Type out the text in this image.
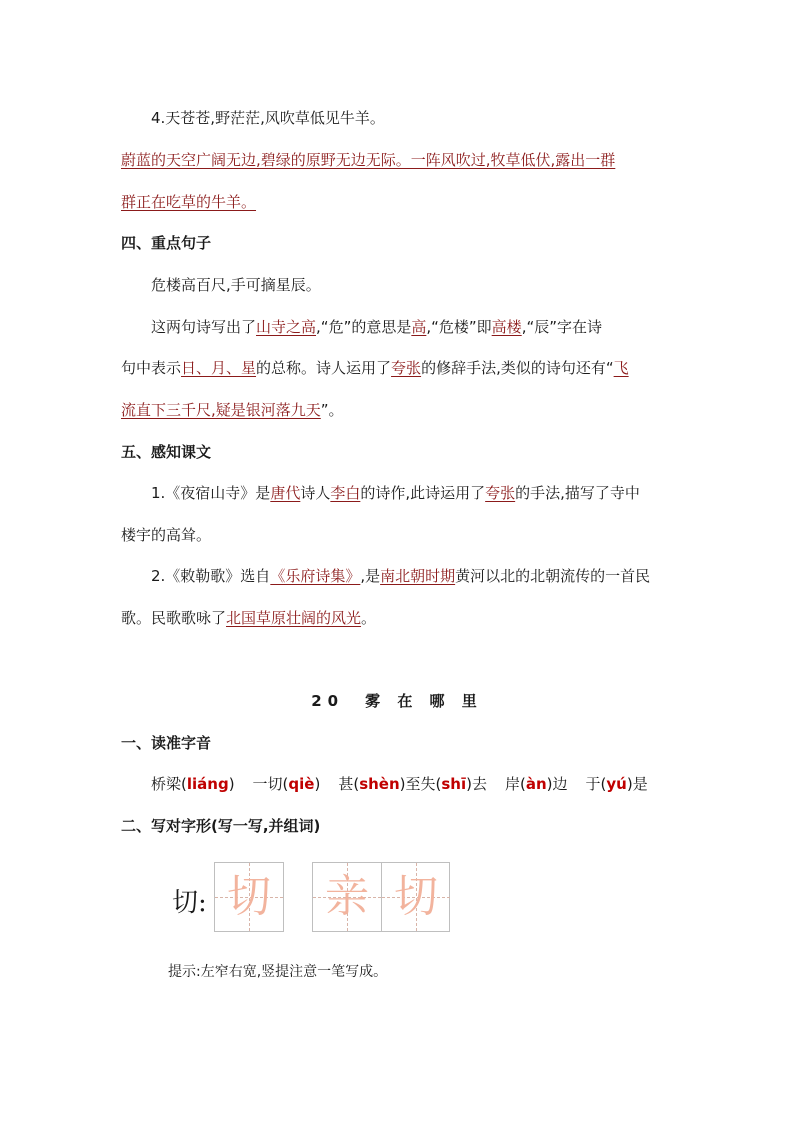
4.天苍苍,野茫茫,风吹草低见牛羊。
蔚蓝的天空广阔无边,碧绿的原野无边无际。一阵风吹过,牧草低伏,露出一群
群正在吃草的牛羊。
四、重点句子
危楼高百尺,手可摘星辰。
这两句诗写出了山寺之高,“危”的意思是高,“危楼”即高楼,“辰”字在诗
句中表示日、月、星的总称。诗人运用了夸张的修辞手法,类似的诗句还有“飞
流直下三千尺,疑是银河落九天”。
五、感知课文
1.《夜宿山寺》是唐代诗人李白的诗作,此诗运用了夸张的手法,描写了寺中
楼宇的高耸。
2.《敕勒歌》选自《乐府诗集》,是南北朝时期黄河以北的北朝流传的一首民
歌。民歌歌咏了北国草原壮阔的风光。
20　雾 在 哪 里
一、读准字音
桥梁(liáng) 一切(qiè) 甚(shèn)至失(shī)去 岸(àn)边 于(yú)是
二、写对字形(写一写,并组词)
切: 切 亲 切
提示:左窄右宽,竖提注意一笔写成。
